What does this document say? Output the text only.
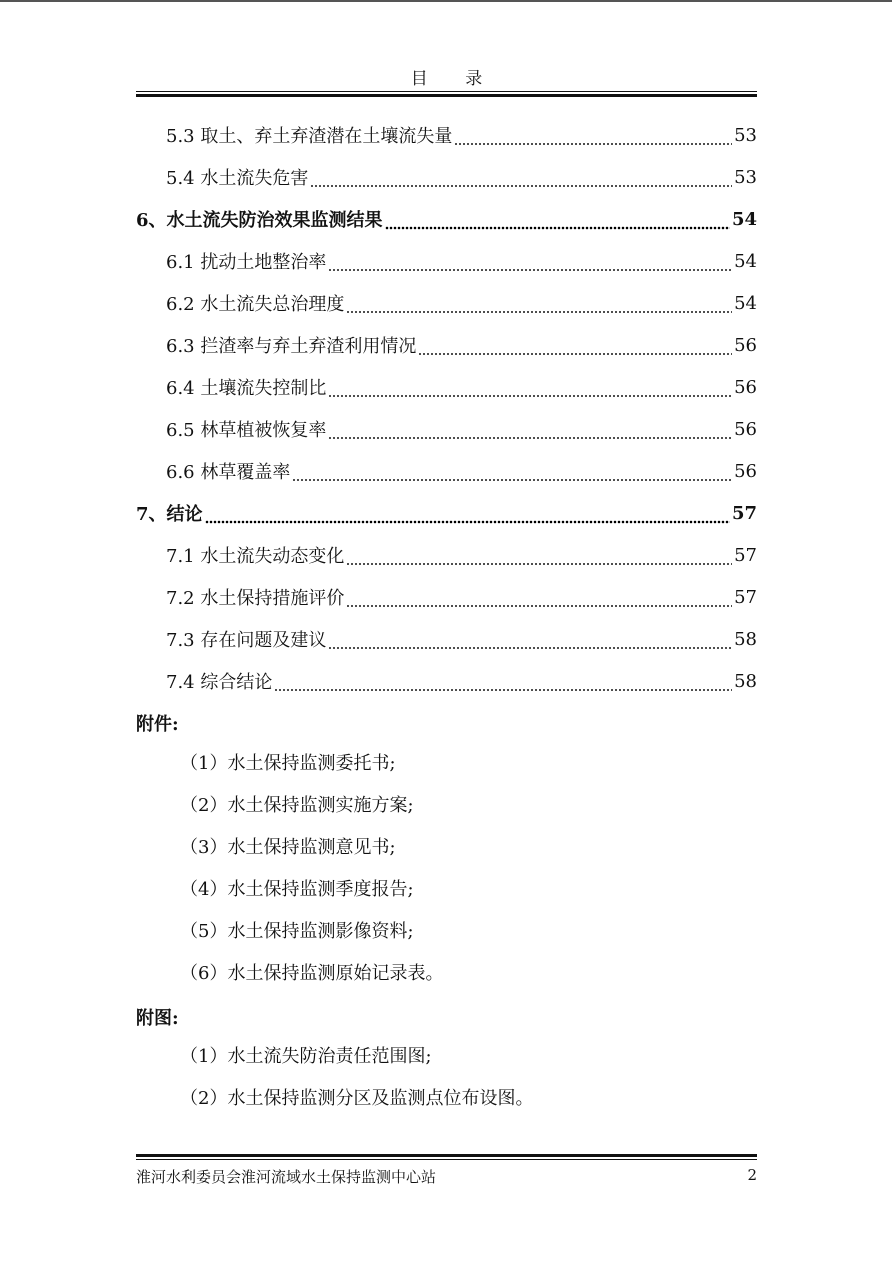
目 录
5.3 取土、弃土弃渣潜在土壤流失量	53
5.4 水土流失危害	53
6、水土流失防治效果监测结果	54
6.1 扰动土地整治率	54
6.2 水土流失总治理度	54
6.3 拦渣率与弃土弃渣利用情况	56
6.4 土壤流失控制比	56
6.5 林草植被恢复率	56
6.6 林草覆盖率	56
7、结论	57
7.1 水土流失动态变化	57
7.2 水土保持措施评价	57
7.3 存在问题及建议	58
7.4 综合结论	58
附件:
（1）水土保持监测委托书;
（2）水土保持监测实施方案;
（3）水土保持监测意见书;
（4）水土保持监测季度报告;
（5）水土保持监测影像资料;
（6）水土保持监测原始记录表。
附图:
（1）水土流失防治责任范围图;
（2）水土保持监测分区及监测点位布设图。
淮河水利委员会淮河流域水土保持监测中心站	2
